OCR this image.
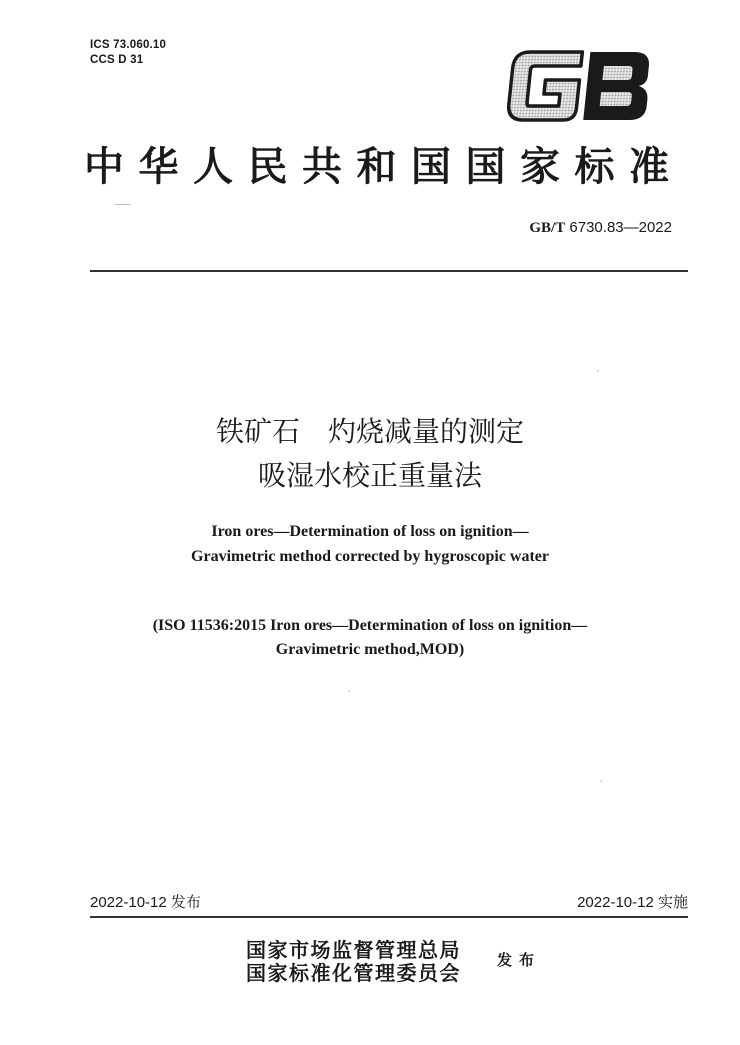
ICS 73.060.10
CCS D 31
中华人民共和国国家标准
GB/T 6730.83—2022
铁矿石　灼烧减量的测定
吸湿水校正重量法
Iron ores—Determination of loss on ignition—
Gravimetric method corrected by hygroscopic water
(ISO 11536:2015 Iron ores—Determination of loss on ignition—
Gravimetric method,MOD)
2022-10-12 发布	2022-10-12 实施
国家市场监督管理总局
国家标准化管理委员会
发布
